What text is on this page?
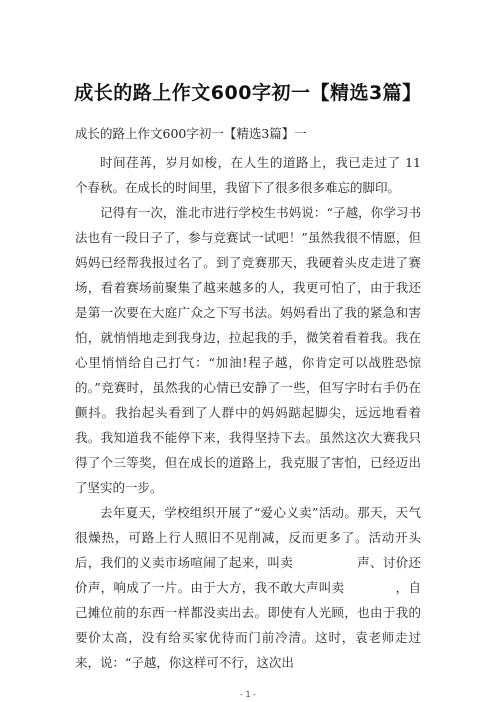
成长的路上作文600字初一【精选3篇】
成长的路上作文600字初一【精选3篇】一

时间荏苒，岁月如梭，在人生的道路上，我已走过了 11 个春秋。在成长的时间里，我留下了很多很多难忘的脚印。

记得有一次，淮北市进行学校生书妈说：“子越，你学习书法也有一段日子了，参与竞赛试一试吧！”虽然我很不情愿，但妈妈已经帮我报过名了。到了竞赛那天，我硬着头皮走进了赛场，看着赛场前聚集了越来越多的人，我更可怕了，由于我还是第一次要在大庭广众之下写书法。妈妈看出了我的紧急和害怕，就悄悄地走到我身边，拉起我的手，微笑着看着我。我在心里悄悄给自己打气：“加油!程子越，你肯定可以战胜恐惊的。”竞赛时，虽然我的心情已安静了一些，但写字时右手仍在颤抖。我抬起头看到了人群中的妈妈踮起脚尖，远远地看着我。我知道我不能停下来，我得坚持下去。虽然这次大赛我只得了个三等奖，但在成长的道路上，我克服了害怕，已经迈出了坚实的一步。

去年夏天，学校组织开展了“爱心义卖”活动。那天，天气很燥热，可路上行人照旧不见削减，反而更多了。活动开头后，我们的义卖市场喧闹了起来，叫卖　　　　　声、讨价还价声，响成了一片。由于大方，我不敢大声叫卖　　　　，自己摊位前的东西一样都没卖出去。即使有人光顾，也由于我的要价太高，没有给买家优待而门前冷清。这时，袁老师走过来，说：“子越，你这样可不行，这次出

- 1 -
